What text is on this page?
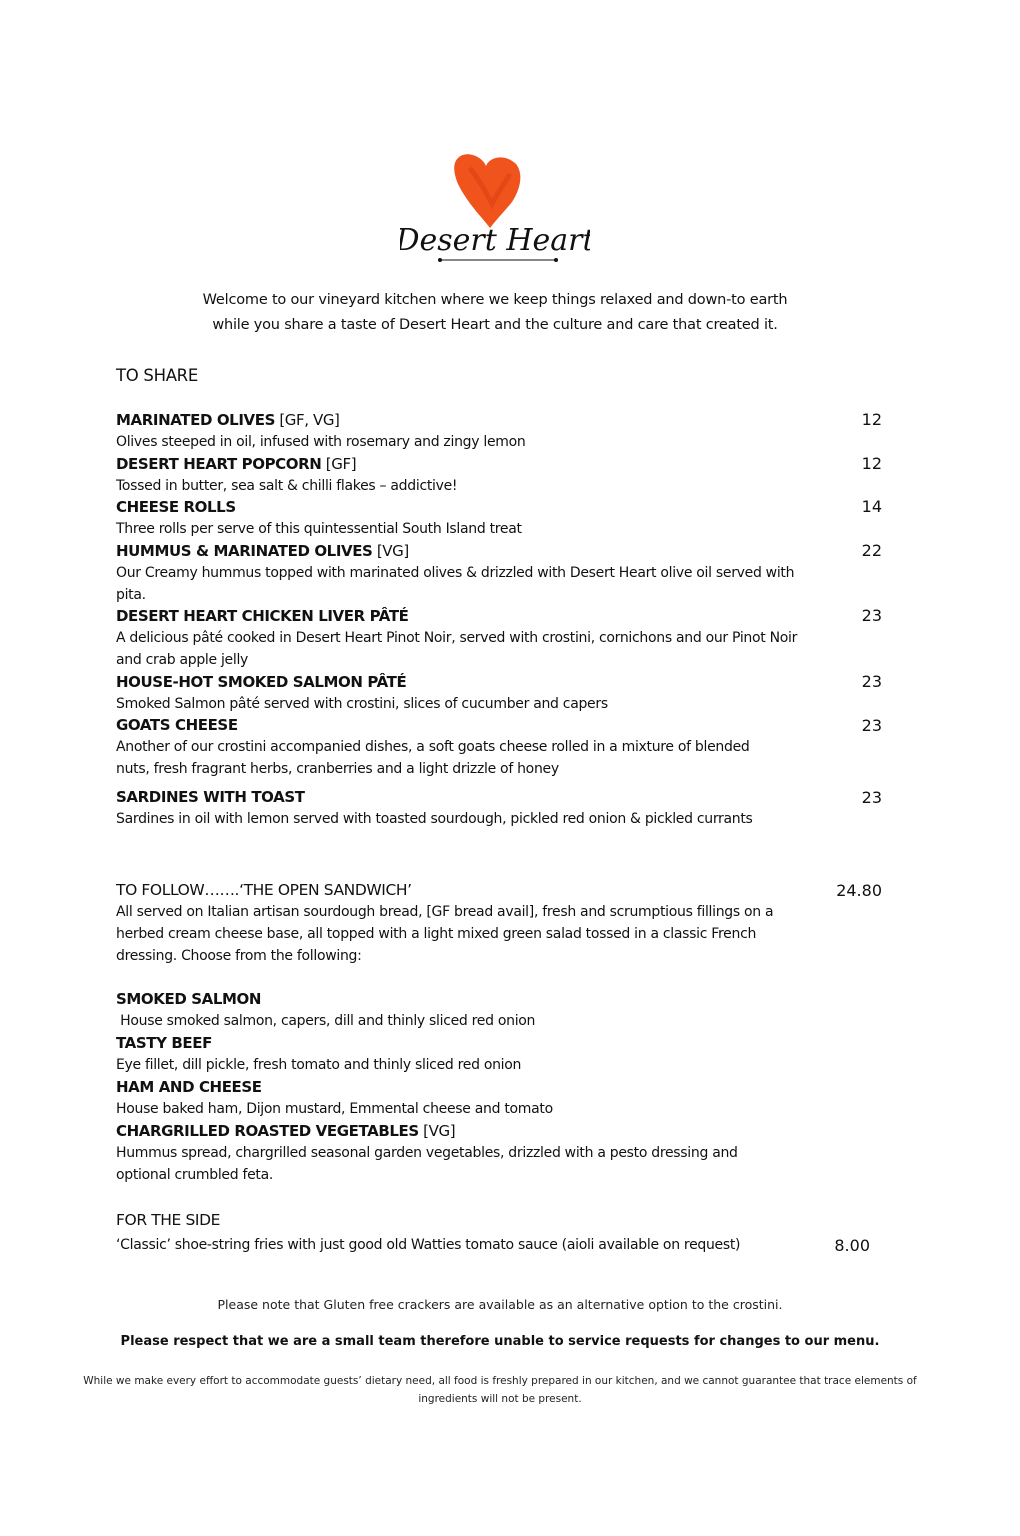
Desert Heart
Welcome to our vineyard kitchen where we keep things relaxed and down-to earth
while you share a taste of Desert Heart and the culture and care that created it.
TO SHARE
MARINATED OLIVES [GF, VG]
Olives steeped in oil, infused with rosemary and zingy lemon
12
DESERT HEART POPCORN [GF]
Tossed in butter, sea salt & chilli flakes – addictive!
12
CHEESE ROLLS
Three rolls per serve of this quintessential South Island treat
14
HUMMUS & MARINATED OLIVES [VG]
Our Creamy hummus topped with marinated olives & drizzled with Desert Heart olive oil served with pita.
22
DESERT HEART CHICKEN LIVER PÂTÉ
A delicious pâté cooked in Desert Heart Pinot Noir, served with crostini, cornichons and our Pinot Noir and crab apple jelly
23
HOUSE-HOT SMOKED SALMON PÂTÉ
Smoked Salmon pâté served with crostini, slices of cucumber and capers
23
GOATS CHEESE
Another of our crostini accompanied dishes, a soft goats cheese rolled in a mixture of blended nuts, fresh fragrant herbs, cranberries and a light drizzle of honey
23
SARDINES WITH TOAST
Sardines in oil with lemon served with toasted sourdough, pickled red onion & pickled currants
23
TO FOLLOW…….‘THE OPEN SANDWICH’
All served on Italian artisan sourdough bread, [GF bread avail], fresh and scrumptious fillings on a herbed cream cheese base, all topped with a light mixed green salad tossed in a classic French dressing. Choose from the following:
24.80
SMOKED SALMON
House smoked salmon, capers, dill and thinly sliced red onion
TASTY BEEF
Eye fillet, dill pickle, fresh tomato and thinly sliced red onion
HAM AND CHEESE
House baked ham, Dijon mustard, Emmental cheese and tomato
CHARGRILLED ROASTED VEGETABLES [VG]
Hummus spread, chargrilled seasonal garden vegetables, drizzled with a pesto dressing and optional crumbled feta.
FOR THE SIDE
‘Classic’ shoe-string fries with just good old Watties tomato sauce (aioli available on request)	8.00
Please note that Gluten free crackers are available as an alternative option to the crostini.
Please respect that we are a small team therefore unable to service requests for changes to our menu.
While we make every effort to accommodate guests’ dietary need, all food is freshly prepared in our kitchen, and we cannot guarantee that trace elements of
ingredients will not be present.
